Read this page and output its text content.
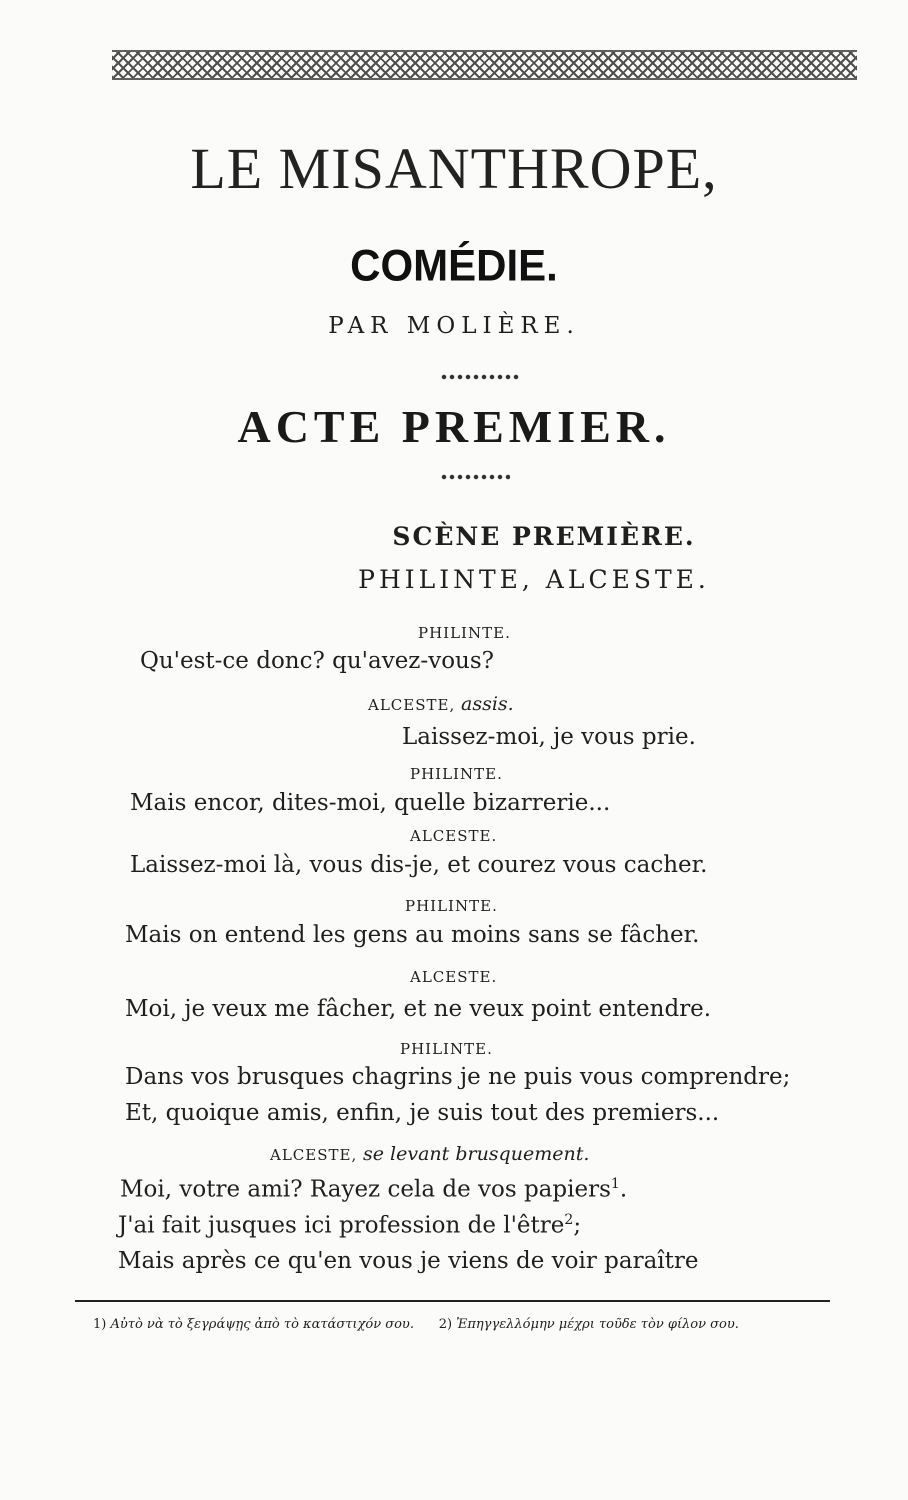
LE MISANTHROPE,
COMÉDIE.
PAR MOLIÈRE.
ACTE PREMIER.
SCÈNE PREMIÈRE.
PHILINTE, ALCESTE.
PHILINTE.
Qu'est-ce donc? qu'avez-vous?
ALCESTE, assis.
Laissez-moi, je vous prie.
PHILINTE.
Mais encor, dites-moi, quelle bizarrerie...
ALCESTE.
Laissez-moi là, vous dis-je, et courez vous cacher.
PHILINTE.
Mais on entend les gens au moins sans se fâcher.
ALCESTE.
Moi, je veux me fâcher, et ne veux point entendre.
PHILINTE.
Dans vos brusques chagrins je ne puis vous comprendre;
Et, quoique amis, enfin, je suis tout des premiers...
ALCESTE, se levant brusquement.
Moi, votre ami? Rayez cela de vos papiers$^1$.
J'ai fait jusques ici profession de l'être$^2$;
Mais après ce qu'en vous je viens de voir paraître
1) Αὐτὸ νὰ τὸ ξεγράψῃς ἀπὸ τὸ κατάστιχόν σου. 2) Ἐπηγγελλόμην μέχρι τοῦδε τὸν φίλον σου.
